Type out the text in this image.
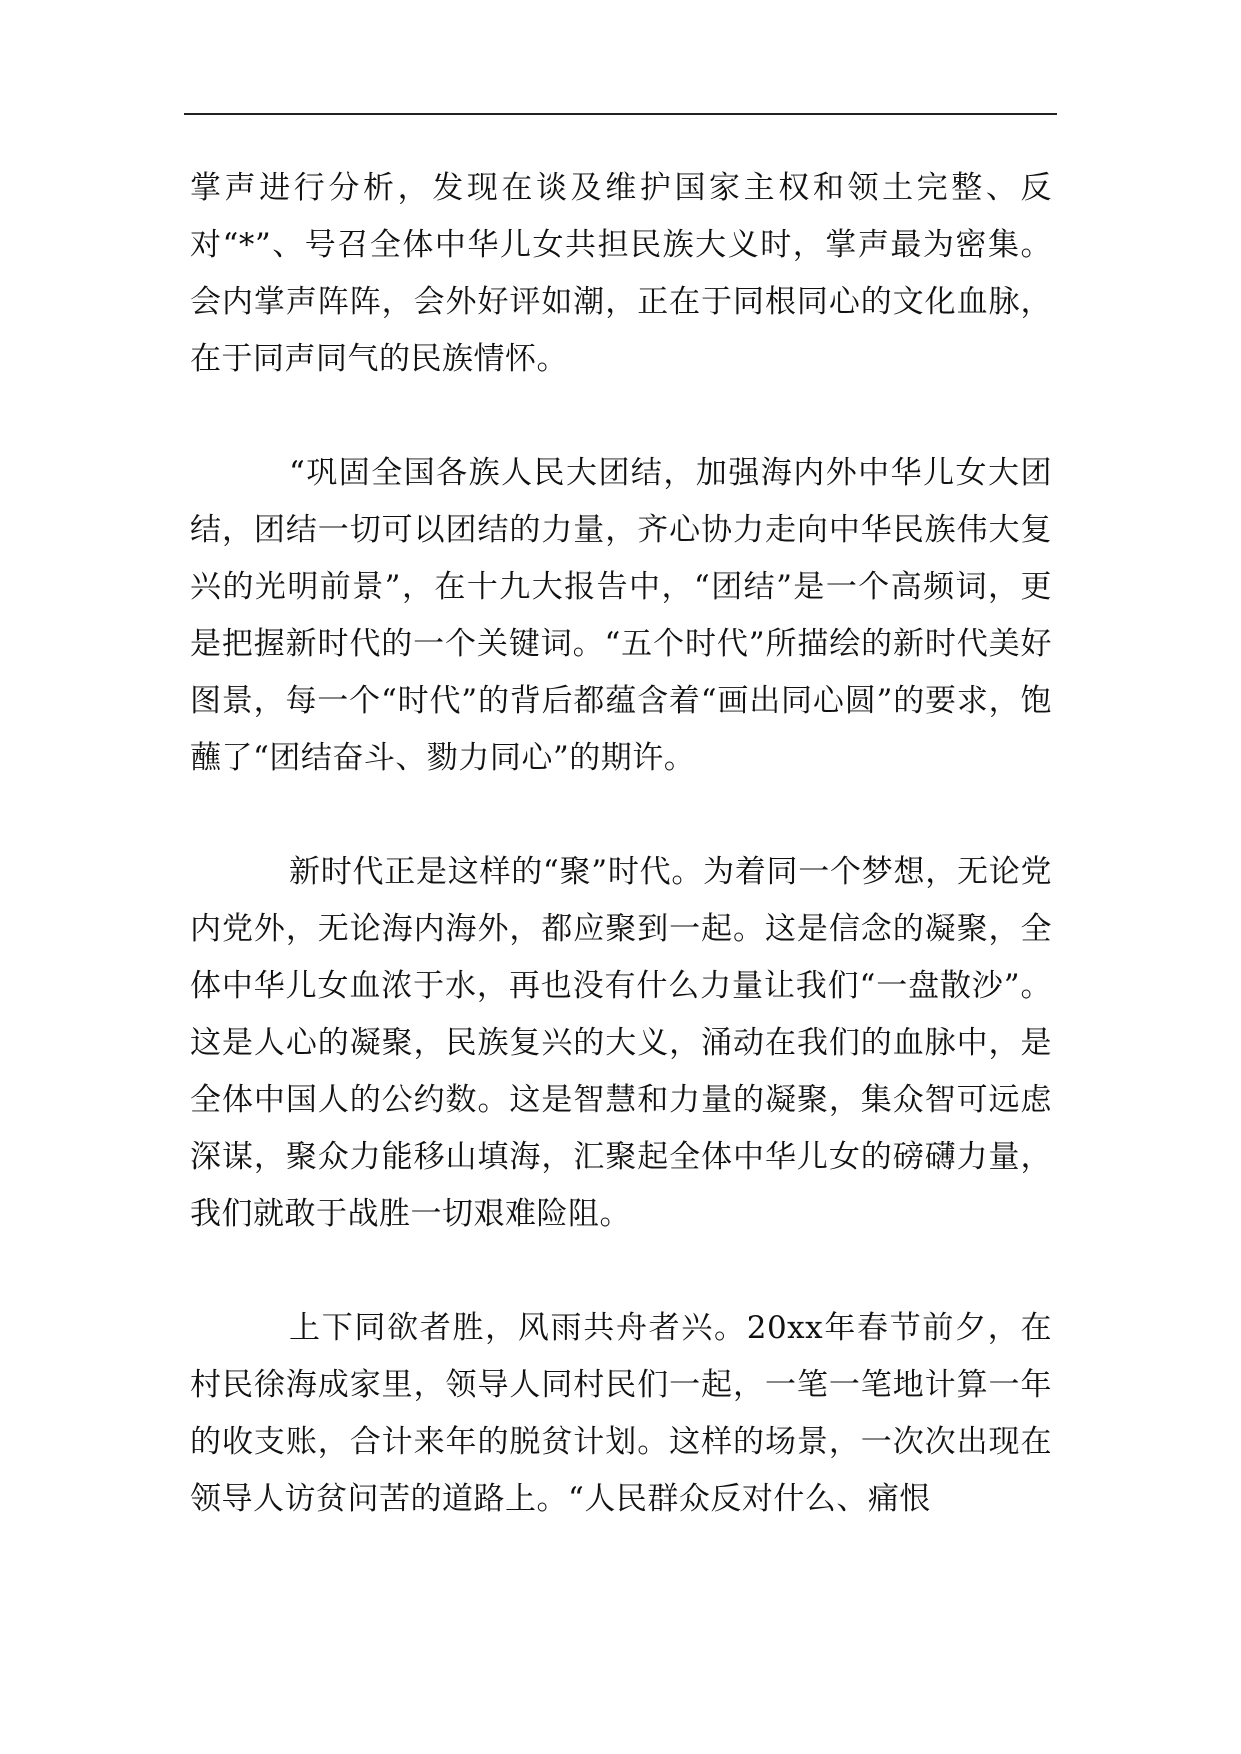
掌声进行分析，发现在谈及维护国家主权和领土完整、反对“*”、号召全体中华儿女共担民族大义时，掌声最为密集。会内掌声阵阵，会外好评如潮，正在于同根同心的文化血脉，在于同声同气的民族情怀。

“巩固全国各族人民大团结，加强海内外中华儿女大团结，团结一切可以团结的力量，齐心协力走向中华民族伟大复兴的光明前景”，在十九大报告中，“团结”是一个高频词，更是把握新时代的一个关键词。“五个时代”所描绘的新时代美好图景，每一个“时代”的背后都蕴含着“画出同心圆”的要求，饱蘸了“团结奋斗、勠力同心”的期许。

新时代正是这样的“聚”时代。为着同一个梦想，无论党内党外，无论海内海外，都应聚到一起。这是信念的凝聚，全体中华儿女血浓于水，再也没有什么力量让我们“一盘散沙”。这是人心的凝聚，民族复兴的大义，涌动在我们的血脉中，是全体中国人的公约数。这是智慧和力量的凝聚，集众智可远虑深谋，聚众力能移山填海，汇聚起全体中华儿女的磅礴力量，我们就敢于战胜一切艰难险阻。

上下同欲者胜，风雨共舟者兴。20xx年春节前夕，在村民徐海成家里，领导人同村民们一起，一笔一笔地计算一年的收支账，合计来年的脱贫计划。这样的场景，一次次出现在领导人访贫问苦的道路上。“人民群众反对什么、痛恨
